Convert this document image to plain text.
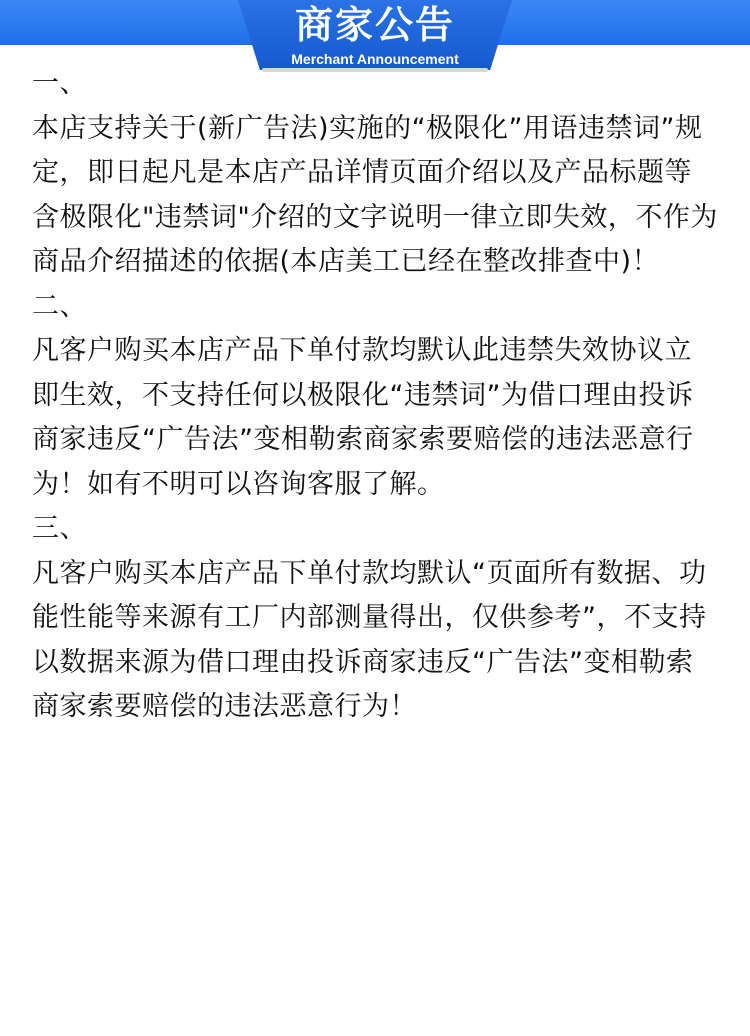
商家公告
Merchant Announcement

一、

本店支持关于(新广告法)实施的“极限化”用语违禁词”规定，即日起凡是本店产品详情页面介绍以及产品标题等含极限化"违禁词"介绍的文字说明一律立即失效，不作为商品介绍描述的依据(本店美工已经在整改排查中)！

二、

凡客户购买本店产品下单付款均默认此违禁失效协议立即生效，不支持任何以极限化“违禁词”为借口理由投诉商家违反“广告法”变相勒索商家索要赔偿的违法恶意行为！如有不明可以咨询客服了解。

三、

凡客户购买本店产品下单付款均默认“页面所有数据、功能性能等来源有工厂内部测量得出，仅供参考”，不支持以数据来源为借口理由投诉商家违反“广告法”变相勒索商家索要赔偿的违法恶意行为！
